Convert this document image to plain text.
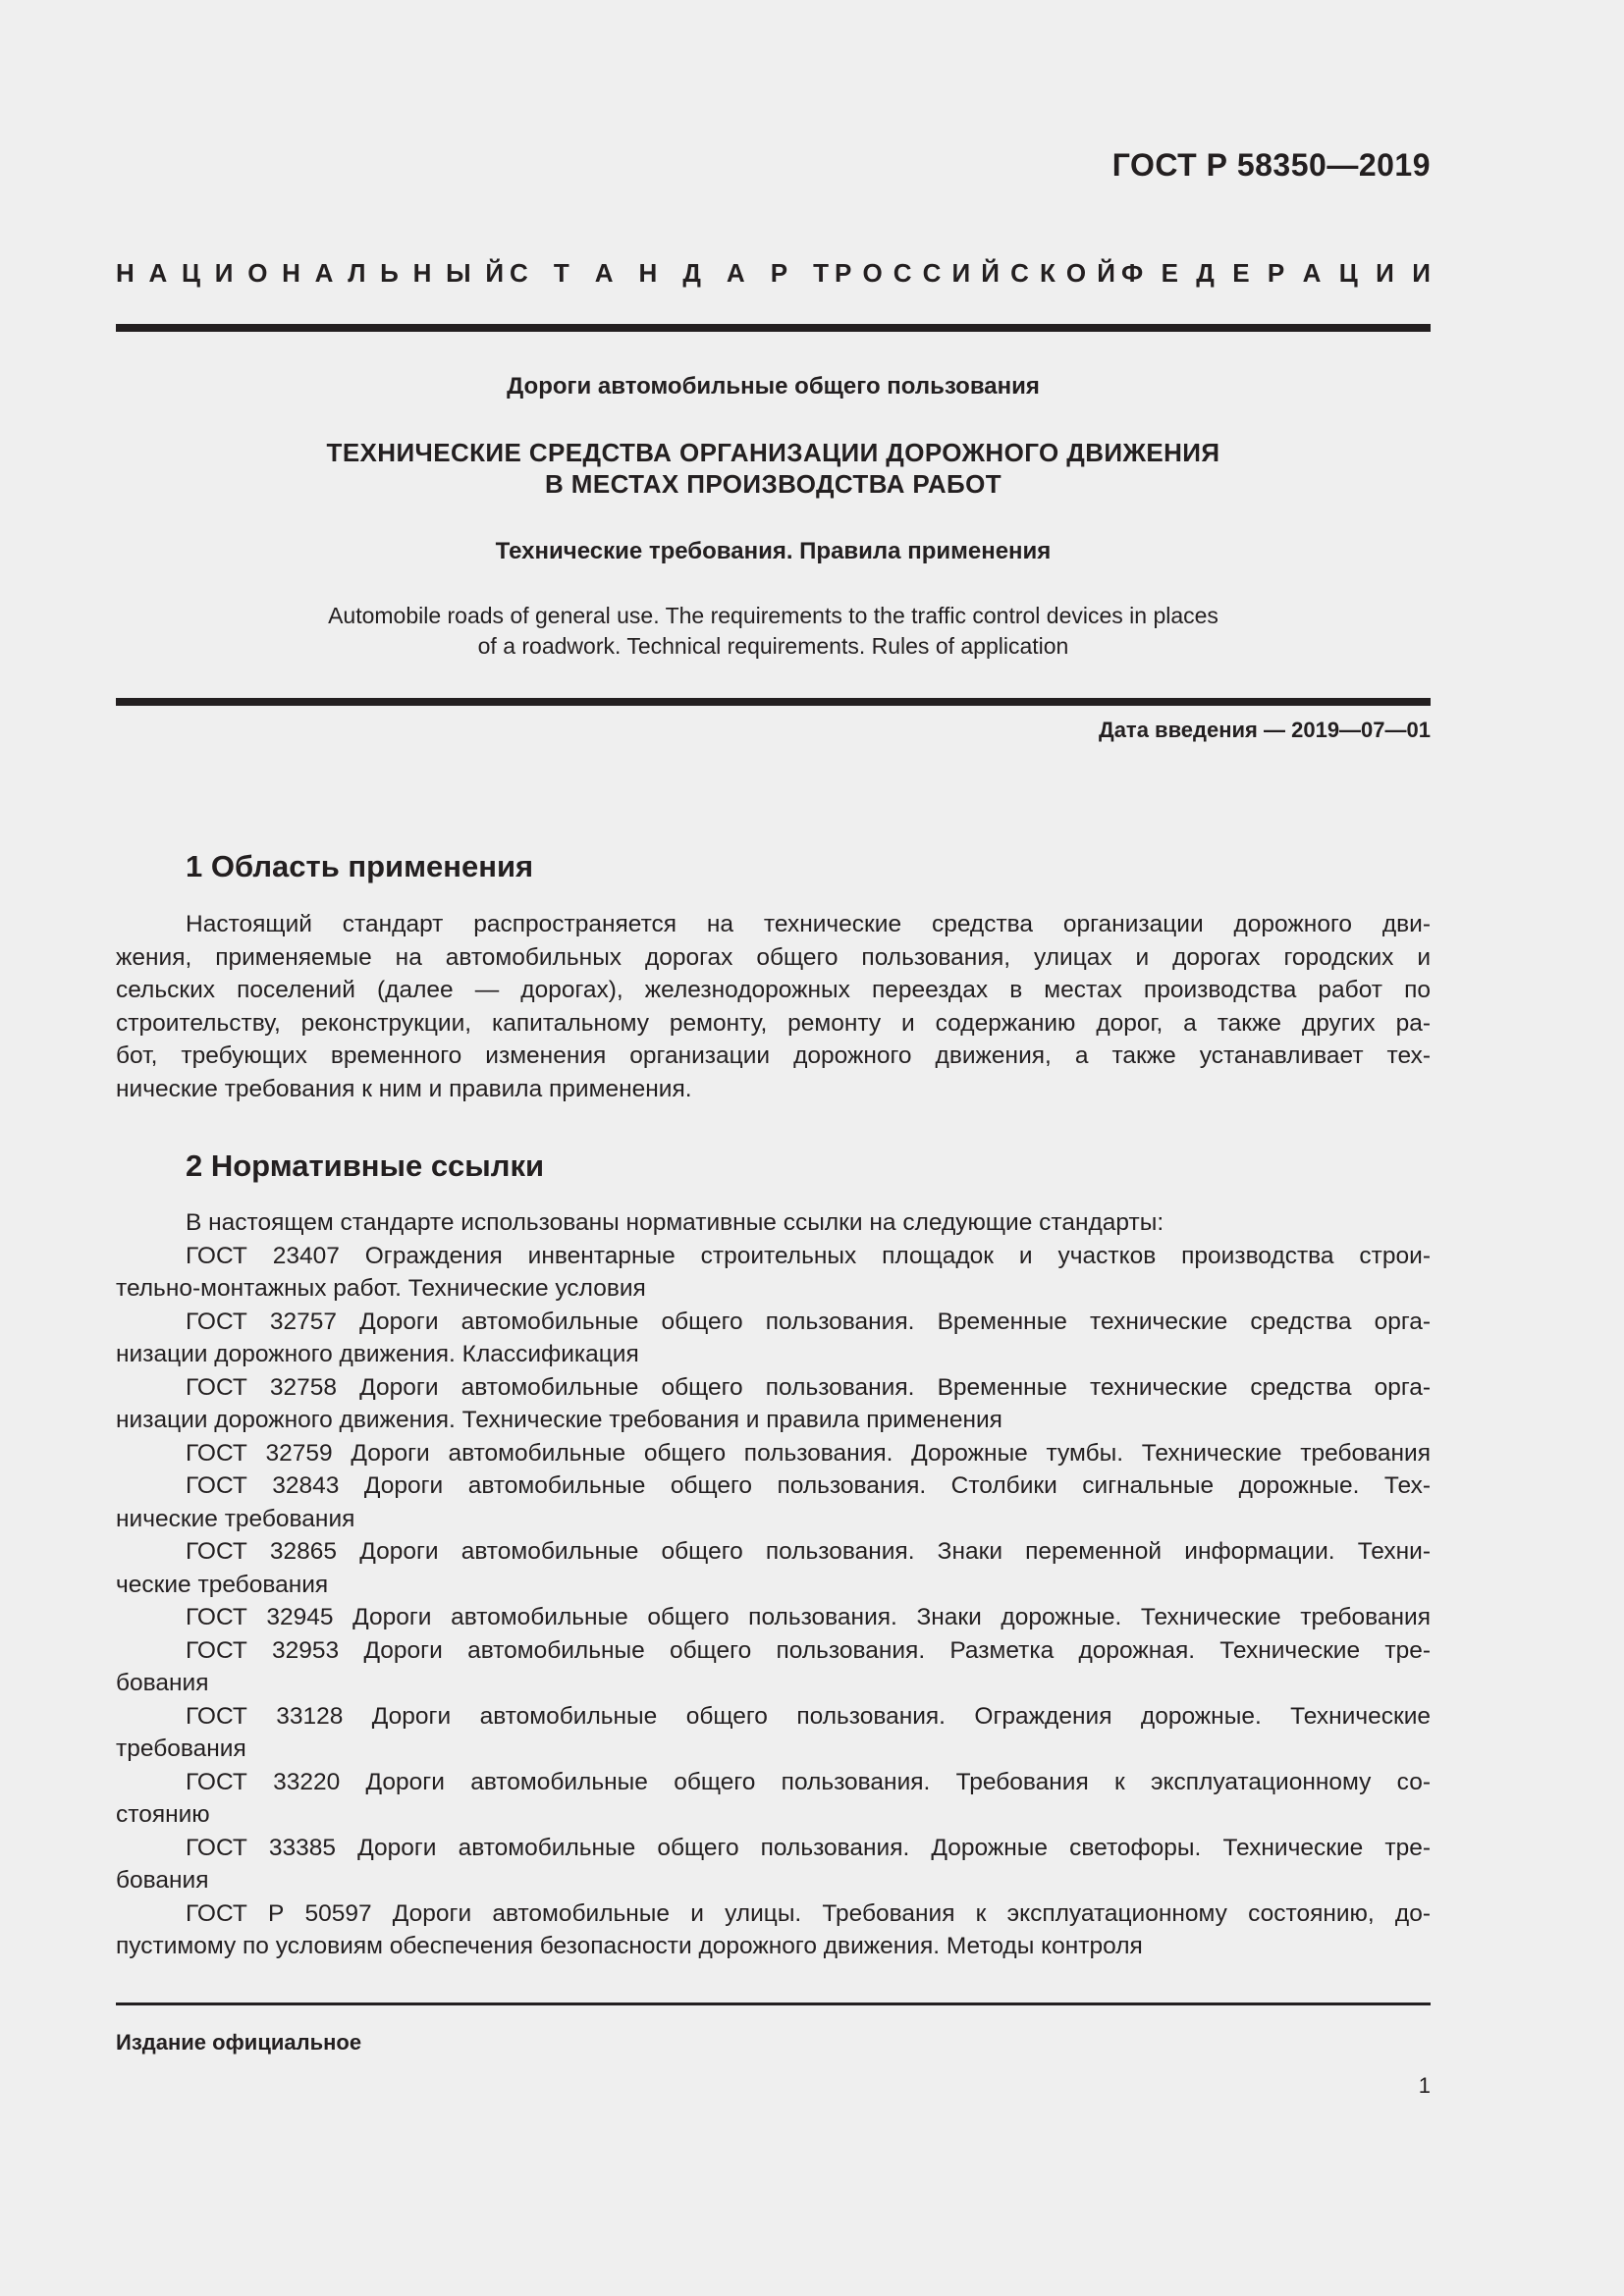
ГОСТ Р 58350—2019
Н А Ц И О Н А Л Ь Н Ы Й С Т А Н Д А Р Т Р О С С И Й С К О Й Ф Е Д Е Р А Ц И И
Дороги автомобильные общего пользования
ТЕХНИЧЕСКИЕ СРЕДСТВА ОРГАНИЗАЦИИ ДОРОЖНОГО ДВИЖЕНИЯ
В МЕСТАХ ПРОИЗВОДСТВА РАБОТ
Технические требования. Правила применения
Automobile roads of general use. The requirements to the traffic control devices in places
of a roadwork. Technical requirements. Rules of application
Дата введения — 2019—07—01
1 Область применения
Настоящий стандарт распространяется на технические средства организации дорожного дви-
жения, применяемые на автомобильных дорогах общего пользования, улицах и дорогах городских и
сельских поселений (далее — дорогах), железнодорожных переездах в местах производства работ по
строительству, реконструкции, капитальному ремонту, ремонту и содержанию дорог, а также других ра-
бот, требующих временного изменения организации дорожного движения, а также устанавливает тех-
нические требования к ним и правила применения.
2 Нормативные ссылки
В настоящем стандарте использованы нормативные ссылки на следующие стандарты:
ГОСТ 23407 Ограждения инвентарные строительных площадок и участков производства строи-
тельно-монтажных работ. Технические условия
ГОСТ 32757 Дороги автомобильные общего пользования. Временные технические средства орга-
низации дорожного движения. Классификация
ГОСТ 32758 Дороги автомобильные общего пользования. Временные технические средства орга-
низации дорожного движения. Технические требования и правила применения
ГОСТ 32759 Дороги автомобильные общего пользования. Дорожные тумбы. Технические требования
ГОСТ 32843 Дороги автомобильные общего пользования. Столбики сигнальные дорожные. Тех-
нические требования
ГОСТ 32865 Дороги автомобильные общего пользования. Знаки переменной информации. Техни-
ческие требования
ГОСТ 32945 Дороги автомобильные общего пользования. Знаки дорожные. Технические требования
ГОСТ 32953 Дороги автомобильные общего пользования. Разметка дорожная. Технические тре-
бования
ГОСТ 33128 Дороги автомобильные общего пользования. Ограждения дорожные. Технические
требования
ГОСТ 33220 Дороги автомобильные общего пользования. Требования к эксплуатационному со-
стоянию
ГОСТ 33385 Дороги автомобильные общего пользования. Дорожные светофоры. Технические тре-
бования
ГОСТ Р 50597 Дороги автомобильные и улицы. Требования к эксплуатационному состоянию, до-
пустимому по условиям обеспечения безопасности дорожного движения. Методы контроля
Издание официальное
1
